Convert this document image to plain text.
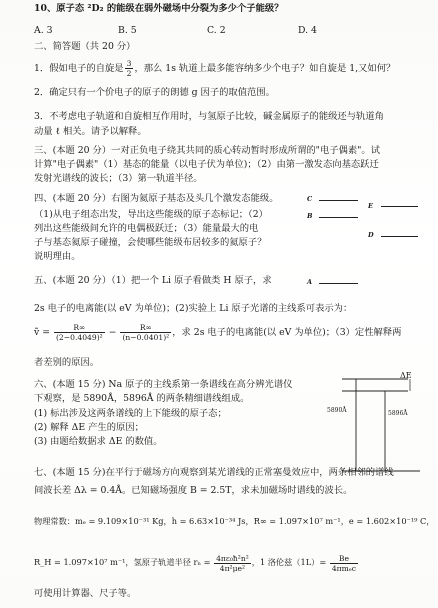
10、原子态 ²D₂ 的能级在弱外磁场中分裂为多少个子能级？
A. 3	B. 5	C. 2	D. 4
二、简答题（共 20 分）
1．假如电子的自旋是 $\frac{3}{2}$ ，那么 1s 轨道上最多能容纳多少个电子？如自旋是 1,又如何？
2．确定只有一个价电子的原子的朗德 g 因子的取值范围。
3．不考虑电子轨道和自旋相互作用时，与氢原子比较，碱金属原子的能级还与轨道角
动量 ℓ 相关。请予以解释。
三、(本题 20 分）一对正负电子绕其共同的质心转动暂时形成所谓的"电子偶素"。试
计算"电子偶素"（1）基态的能量（以电子伏为单位)；（2）由第一激发态向基态跃迁
发射光谱线的波长；（3）第一轨道半径。
四、(本题 20 分）右图为氦原子基态及头几个激发态能级。
（1)从电子组态出发，导出这些能级的原子态标记；（2）
列出这些能级间允许的电偶极跃迁；（3）能量最大的电
子与基态氦原子碰撞，会使哪些能级布居较多的氦原子？
说明理由。
C
E
B
D
A
五、(本题 20 分）（1）把一个 Li 原子看做类 H 原子，求
2s 电子的电离能(以 eV 为单位)；(2)实验上 Li 原子光谱的主线系可表示为：
ṽ = $\frac{R\infty}{\text{(2−0.4049)²}} - \frac{R\infty}{\text{(n−0.0401)²}}$ ，求 2s 电子的电离能(以 eV 为单位)；（3）定性解释两
者差别的原因。
六、(本题 15 分) Na 原子的主线系第一条谱线在高分辨光谱仪
下观察，是 5890Å，5896Å 的两条精细谱线组成。
(1) 标出涉及这两条谱线的上下能级的原子态；
(2) 解释 ΔE 产生的原因；
(3) 由题给数据求 ΔE 的数值。
ΔE
5890Å	5896Å
七、(本题 15 分)在平行于磁场方向观察到某光谱线的正常塞曼效应中，两条相邻的谱线
间波长差 Δλ = 0.4Å。已知磁场强度 B = 2.5T，求未加磁场时谱线的波长。
物理常数：mₑ = 9.109×10⁻³¹ Kg，h = 6.63×10⁻³⁴ Js，R∞ = 1.097×10⁷ m⁻¹，e = 1.602×10⁻¹⁹ C，
R_H = 1.097×10⁷ m⁻¹，氢原子轨道半径 $r_n = \frac{\text{4πε₀ħ²n²}}{\text{4π²μe²}}$ ，1 洛伦兹$(1L)= \frac{Be}{\text{4πmₑc}}$
可使用计算器、尺子等。
